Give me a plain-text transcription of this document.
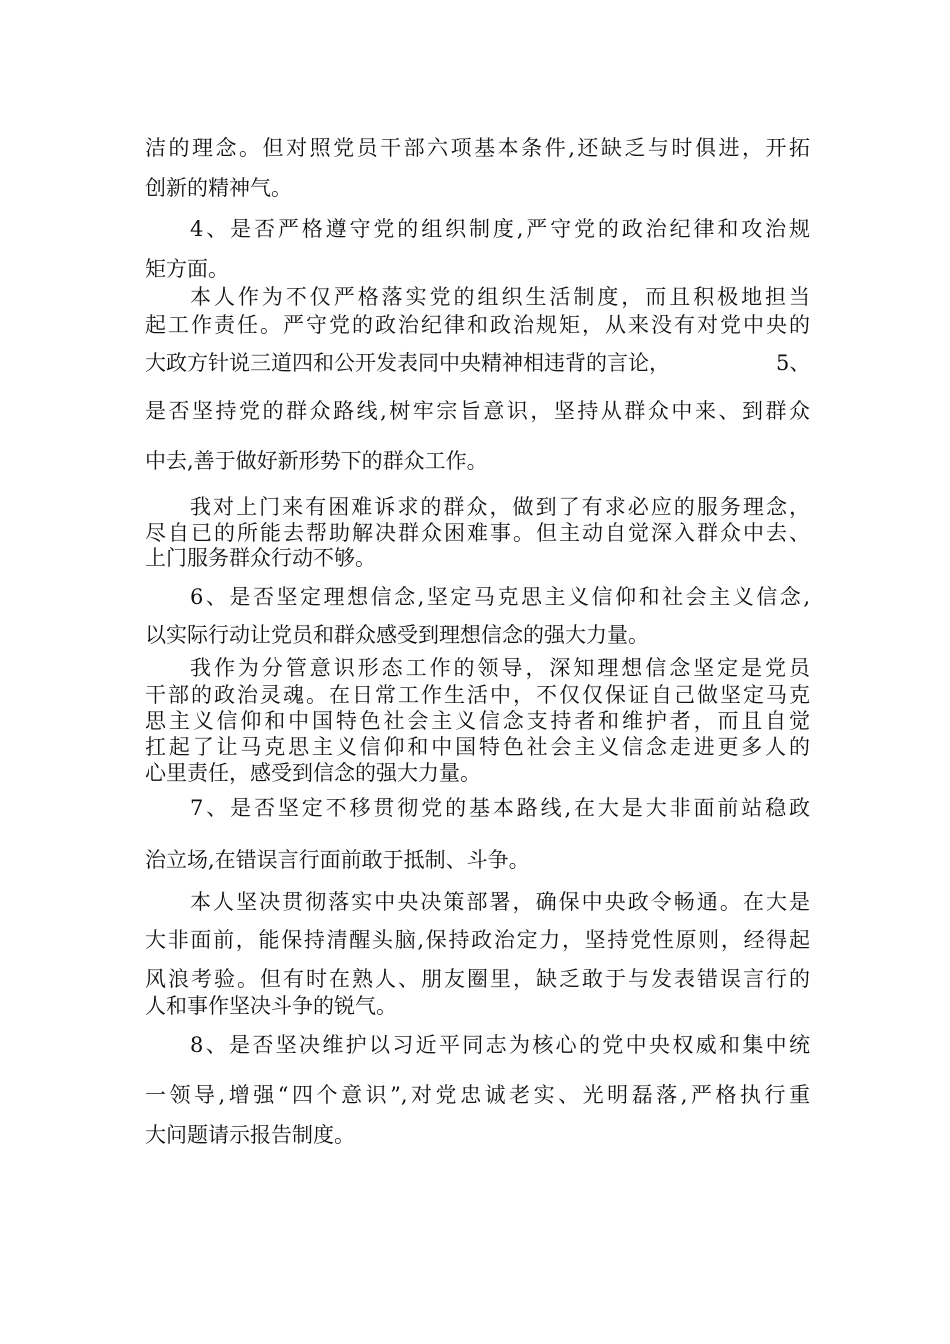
洁的理念。但对照党员干部六项基本条件,还缺乏与时俱进，开拓
创新的精神气。
4、是否严格遵守党的组织制度,严守党的政治纪律和攻治规
矩方面。
本人作为不仅严格落实党的组织生活制度，而且积极地担当
起工作责任。严守党的政治纪律和政治规矩，从来没有对党中央的
大政方针说三道四和公开发表同中央精神相违背的言论，	5、
是否坚持党的群众路线,树牢宗旨意识，坚持从群众中来、到群众
中去,善于做好新形势下的群众工作。
我对上门来有困难诉求的群众，做到了有求必应的服务理念，
尽自已的所能去帮助解决群众困难事。但主动自觉深入群众中去、
上门服务群众行动不够。
6、是否坚定理想信念,坚定马克思主义信仰和社会主义信念,
以实际行动让党员和群众感受到理想信念的强大力量。
我作为分管意识形态工作的领导，深知理想信念坚定是党员
干部的政治灵魂。在日常工作生活中，不仅仅保证自己做坚定马克
思主义信仰和中国特色社会主义信念支持者和维护者，而且自觉
扛起了让马克思主义信仰和中国特色社会主义信念走进更多人的
心里责任，感受到信念的强大力量。
7、是否坚定不移贯彻党的基本路线,在大是大非面前站稳政
治立场,在错误言行面前敢于抵制、斗争。
本人坚决贯彻落实中央决策部署，确保中央政令畅通。在大是
大非面前，能保持清醒头脑,保持政治定力，坚持党性原则，经得起
风浪考验。但有时在熟人、朋友圈里，缺乏敢于与发表错误言行的
人和事作坚决斗争的锐气。
8、是否坚决维护以习近平同志为核心的党中央权威和集中统
一领导,增强“四个意识”,对党忠诚老实、光明磊落,严格执行重
大问题请示报告制度。
